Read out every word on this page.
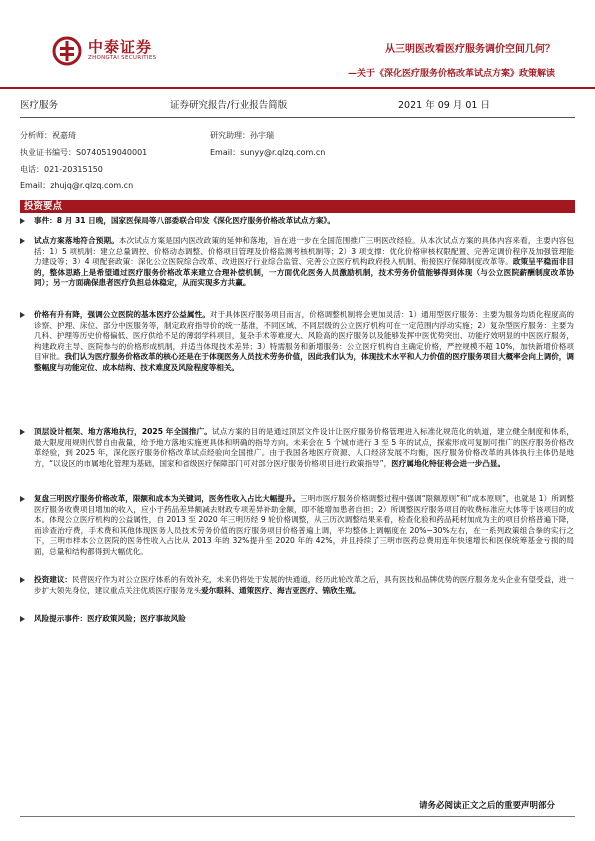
中泰证券
ZHONGTAI SECURITIES
从三明医改看医疗服务调价空间几何？
—关于《深化医疗服务价格改革试点方案》政策解读
医疗服务	证券研究报告/行业报告简版	2021 年 09 月 01 日
分析师：祝嘉琦
执业证书编号：S0740519040001
电话：021-20315150
Email：zhujq@r.qlzq.com.cn
研究助理：孙宇瑞
Email：sunyy@r.qlzq.com.cn
投资要点
事件：8 月 31 日晚，国家医保局等八部委联合印发《深化医疗服务价格改革试点方案》。
试点方案落地符合预期。本次试点方案是国内医改政策的延伸和落地，旨在进一步在全国范围推广三明医改经验。从本次试点方案的具体内容来看，主要内容包括：1）5 项机制：建立总量调控、价格动态调整、价格项目管理及价格监测考核机制等；2）3 项支撑：优化价格审核权限配置、完善定调价程序及加强管理能力建设等；3）4 项配套政策：深化公立医院综合改革、改进医疗行业综合监管、完善公立医疗机构政府投入机制、衔接医疗保障制度改革等。政策呈平稳而非目的，整体思路上是希望通过医疗服务价格改革来建立合理补偿机制，一方面优化医务人员激励机制，技术劳务价值能够得到体现（与公立医院薪酬制度改革协同）；另一方面确保患者医疗负担总体稳定，从而实现多方共赢。
价格有升有降，强调公立医院的基本医疗公益属性。对于具体医疗服务项目而言，价格调整机制将会更加灵活：1）通用型医疗服务：主要为服务均质化程度高的诊察、护理、床位、部分中医服务等，制定政府指导价的统一基准，不同区域、不同层级的公立医疗机构可在一定范围内浮动实施；2）复杂型医疗服务：主要为几科、护理等历史价格偏低、医疗供给不足的薄弱学科项目，复杂手术等难度大、风险高的医疗服务以及能够发挥中医优势突出、功能疗效明显的中医医疗服务，构建政府主导、医院参与的价格形成机制，并适当体现技术差异；3）特需服务和新增服务：公立医疗机构自主确定价格，严控规模不超 10%，加快新增价格项目审批。我们认为医疗服务价格改革的核心还是在于体现医务人员技术劳务价值，因此我们认为，体现技术水平和人力价值的医疗服务项目大概率会向上调价，调整幅度与功能定位、成本结构、技术难度及风险程度等相关。
顶层设计框架、地方落地执行，2025 年全国推广。试点方案的目的是通过顶层文件设计让医疗服务价格管理进入标准化规范化的轨道，建立健全制度和体系，最大限度用规则代替自由裁量，给予地方落地实施更具体和明确的指导方向。未来会在 5 个城市进行 3 至 5 年的试点，探索形成可复制可推广的医疗服务价格改革经验，到 2025 年，深化医疗服务价格改革试点经验向全国推广。由于我国各地医疗资源、人口经济发展不均衡，医疗服务价格改革的具体执行主体仍是地方，“以设区的市属地化管理为基础，国家和省级医疗保障部门可对部分医疗服务价格项目进行政策指导”，医疗属地化特征将会进一步凸显。
复盘三明医疗服务价格改革，限额和成本为关键词，医务性收入占比大幅提升。三明市医疗服务价格调整过程中强调“限额原则”和“成本原则”，也就是 1）所调整医疗服务收费项目增加的收入，应小于药品差异额减去财政专项差异补助金额，即不能增加患者自担；2）所调整医疗服务项目的收费标准应大体等于该项目的成本。体现公立医疗机构的公益属性，自 2013 至 2020 年三明历经 9 轮价格调整，从三历次调整结果来看，检查化验和药品耗材加成为主的项目价格普遍下降，而诊查治疗费，手术费和其他体现医务人员技术劳务价值的医疗服务项目价格普遍上调，平均整体上调幅度在 20%~30%左右，在一系列政策组合拳的实行之下，三明市样本公立医院的医务性收入占比从 2013 年的 32%提升至 2020 年的 42%，并且持续了三明市医药总费用连年快速增长和医保统筹基金亏损的局面，总量和结构都得到大幅优化。
投资建议：民营医疗作为对公立医疗体系的有效补充，未来仍将处于发展的快通道，经历此轮改革之后，具有医技和品牌优势的医疗服务龙头企业有望受益，进一步扩大领先身位，建议重点关注优质医疗服务龙头爱尔眼科、通策医疗、海吉亚医疗、锦欣生殖。
风险提示事件：医疗政策风险；医疗事故风险
请务必阅读正文之后的重要声明部分
